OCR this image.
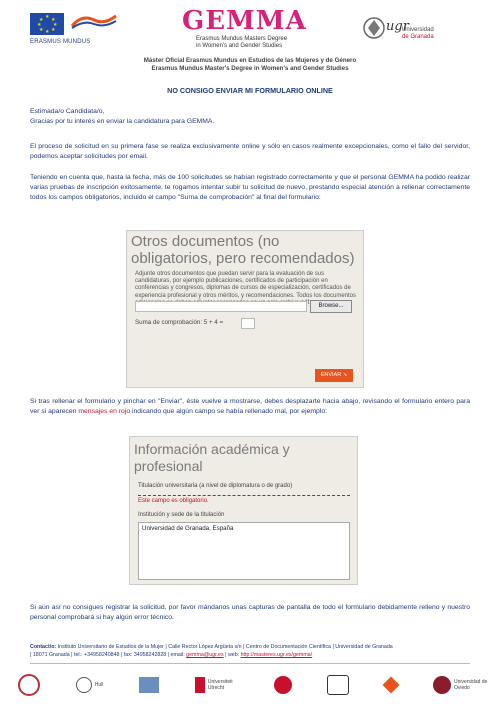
★ ★
★
★
★
★
★
★
ERASMUS MUNDUS
GEMMA
Erasmus Mundus Masters Degree
in Women's and Gender Studies
ugr
Universidad
de Granada
Máster Oficial Erasmus Mundus en Estudios de las Mujeres y de Género
Erasmus Mundus Master's Degree in Women's and Gender Studies
NO CONSIGO ENVIAR MI FORMULARIO ONLINE
Estimada/o Candidata/o,
Gracias por tu interés en enviar la candidatura para GEMMA.
El proceso de solicitud en su primera fase se realiza exclusivamente online y sólo en casos realmente excepcionales, como el fallo del servidor, podemos aceptar solicitudes por email.
Teniendo en cuenta que, hasta la fecha, más de 100 solicitudes se habían registrado correctamente y que el personal GEMMA ha podido realizar varias pruebas de inscripción exitosamente, te rogamos intentar subir tu solicitud de nuevo, prestando especial atención a rellenar correctamente todos los campos obligatorios, incluido el campo "Suma de comprobación" al final del formulario:
Otros documentos (no obligatorios, pero recomendados)
Adjunte otros documentos que puedan servir para la evaluación de sus candidaturas, por ejemplo publicaciones, certificados de participación en conferencias y congresos, diplomas de cursos de especialización, certificados de experiencia profesional y otros méritos, y recomendaciones. Todos los documentos
Browse...
Suma de comprobación: 5 + 4 =
ENVIAR ↘
Si tras rellenar el formulario y pinchar en "Enviar", éste vuelve a mostrarse, debes desplazarte hacia abajo, revisando el formulario entero para ver si aparecen mensajes en rojo indicando que algún campo se había rellenado mal, por ejemplo:
Información académica y profesional
Titulación universitaria (a nivel de diplomatura o de grado)
Este campo es obligatorio.
Institución y sede de la titulación
Universidad de Granada, España
Si aún así no consigues registrar la solicitud, por favor mándanos unas capturas de pantalla de todo el formulario debidamente relleno y nuestro personal comprobará si hay algún error técnico.
Contact/o: Instituto Universitario de Estudios de la Mujer | Calle Rector López Argüeta s/n | Centro de Documentación Científica | Universidad de Granada
| 18071 Granada | tel.: +34958240848 | fax: 34958242828 | email: gemma@ugr.es | web: http://masteres.ugr.es/gemma/
Hull	Universiteit Utrecht
Universidad de Oviedo
